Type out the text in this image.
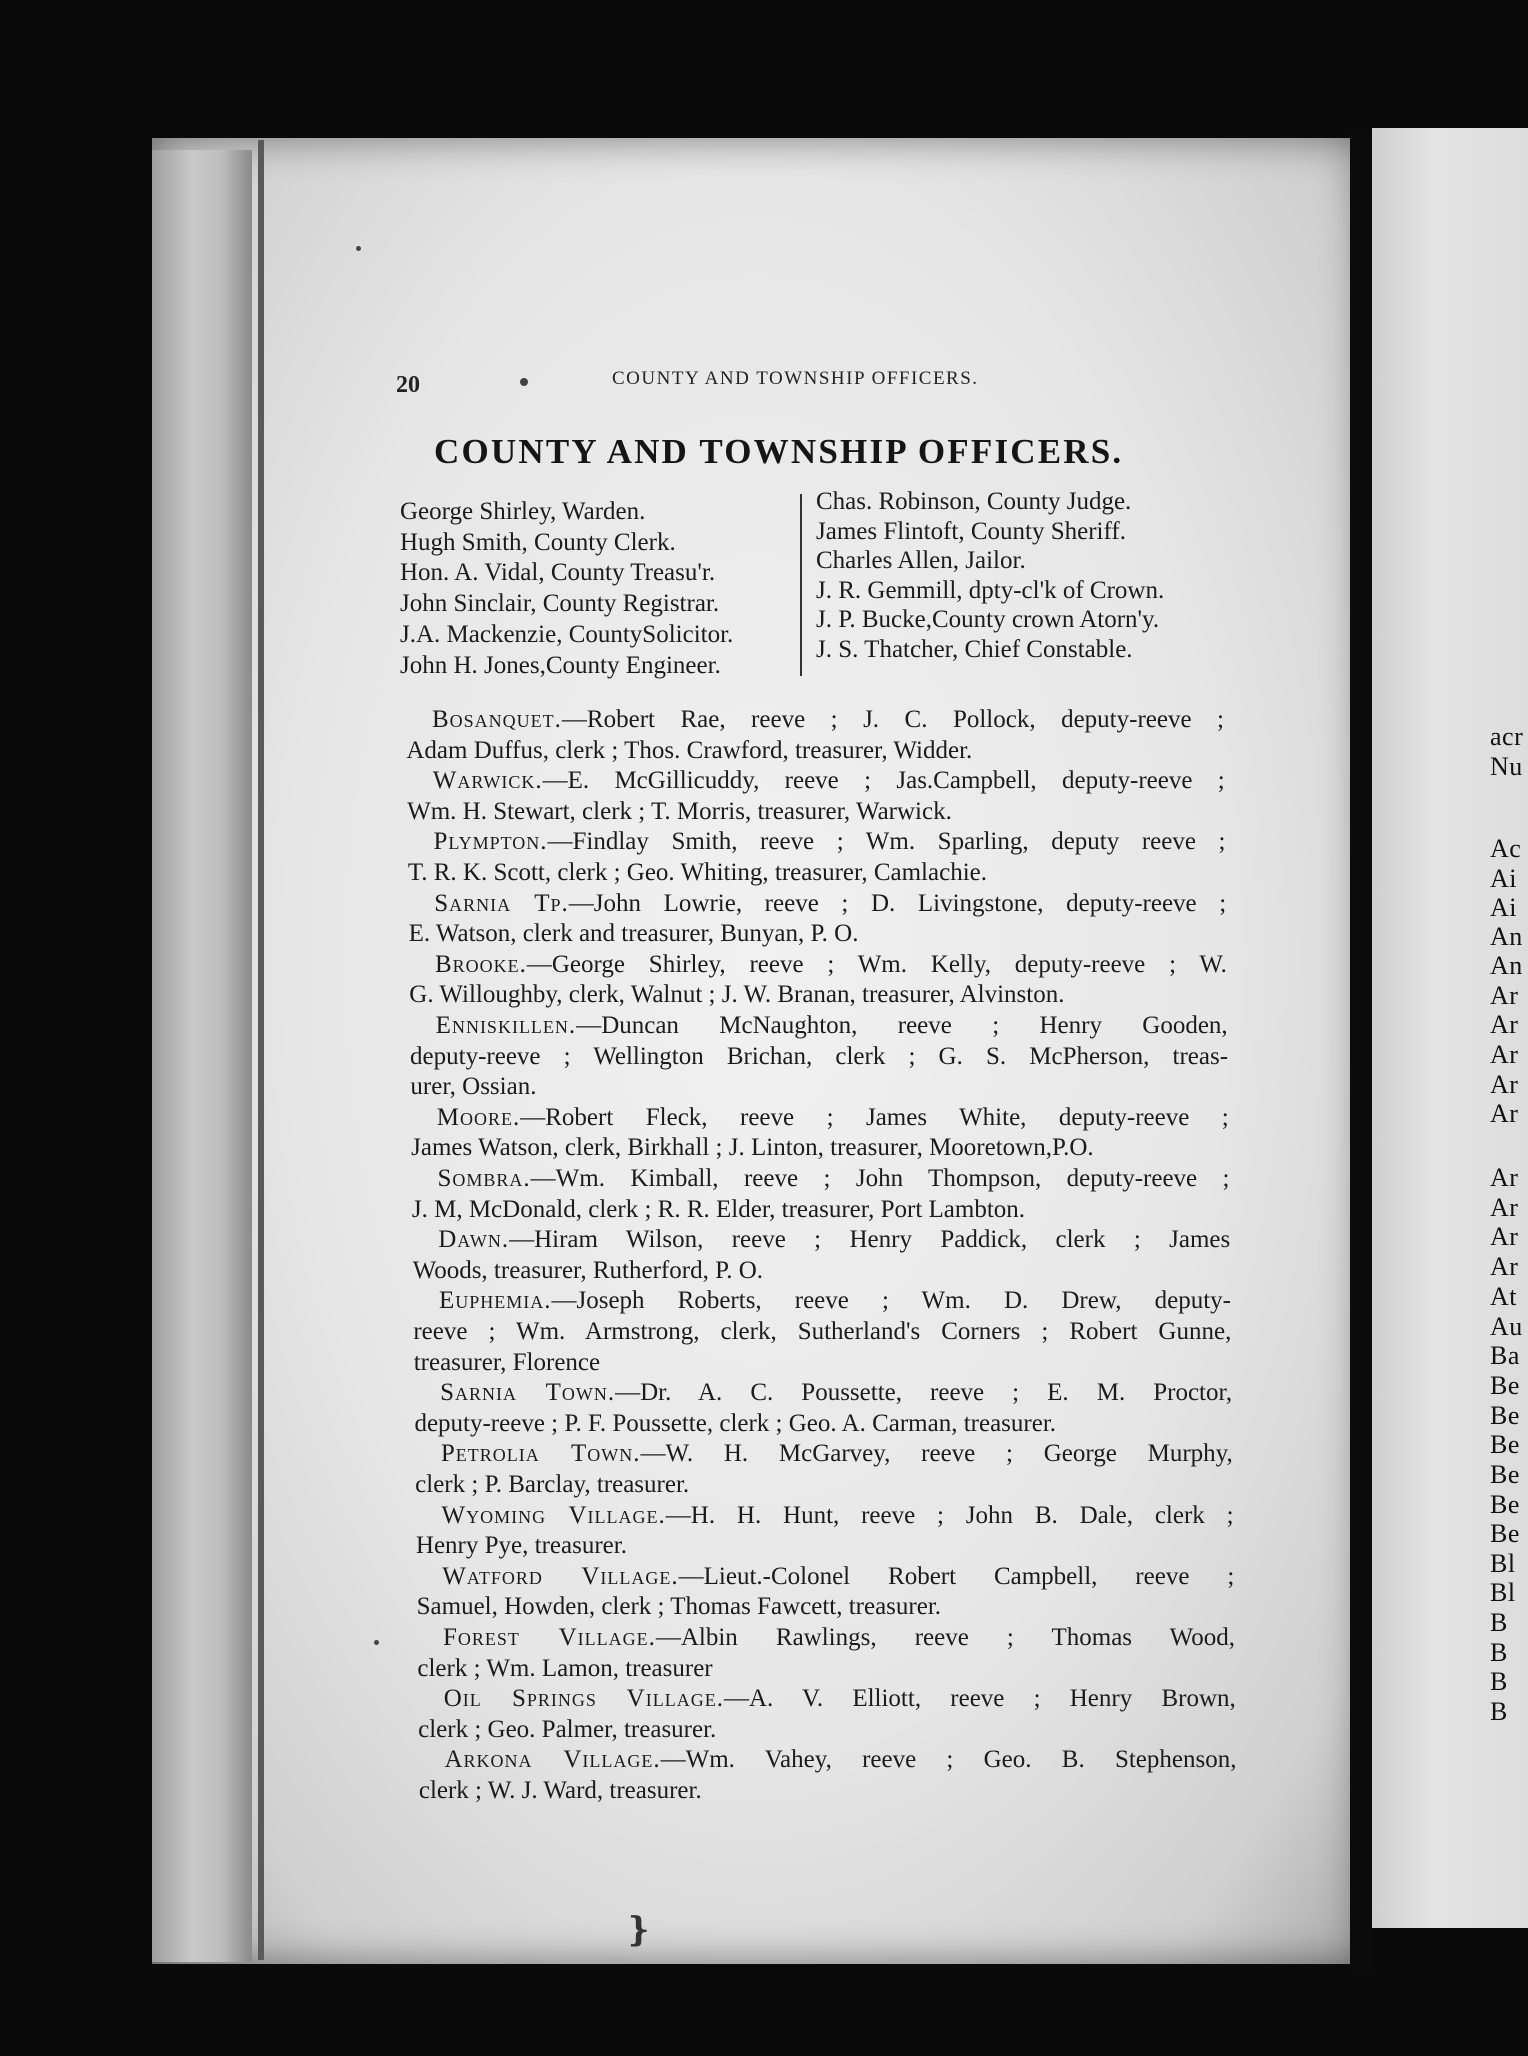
acr
Nu
Ac
Ai
Ai
An
An
Ar
Ar
Ar
Ar
Ar
Ar
Ar
Ar
Ar
At
Au
Ba
Be
Be
Be
Be
Be
Be
Bl
Bl
B
B
B
B
20	COUNTY AND TOWNSHIP OFFICERS.
COUNTY AND TOWNSHIP OFFICERS.
❵
George Shirley, Warden.
Hugh Smith, County Clerk.
Hon. A. Vidal, County Treasu'r.
John Sinclair, County Registrar.
J.A. Mackenzie, CountySolicitor.
John H. Jones,County Engineer.
Chas. Robinson, County Judge.
James Flintoft, County Sheriff.
Charles Allen, Jailor.
J. R. Gemmill, dpty-cl'k of Crown.
J. P. Bucke,County crown Atorn'y.
J. S. Thatcher, Chief Constable.
Bosanquet.—Robert Rae, reeve ; J. C. Pollock, deputy-reeve ;
Adam Duffus, clerk ; Thos. Crawford, treasurer, Widder.
Warwick.—E. McGillicuddy, reeve ; Jas.Campbell, deputy-reeve ;
Wm. H. Stewart, clerk ; T. Morris, treasurer, Warwick.
Plympton.—Findlay Smith, reeve ; Wm. Sparling, deputy reeve ;
T. R. K. Scott, clerk ; Geo. Whiting, treasurer, Camlachie.
Sarnia Tp.—John Lowrie, reeve ; D. Livingstone, deputy-reeve ;
E. Watson, clerk and treasurer, Bunyan, P. O.
Brooke.—George Shirley, reeve ; Wm. Kelly, deputy-reeve ; W.
G. Willoughby, clerk, Walnut ; J. W. Branan, treasurer, Alvinston.
Enniskillen.—Duncan McNaughton, reeve ; Henry Gooden,
deputy-reeve ; Wellington Brichan, clerk ; G. S. McPherson, treas-
urer, Ossian.
Moore.—Robert Fleck, reeve ; James White, deputy-reeve ;
James Watson, clerk, Birkhall ; J. Linton, treasurer, Mooretown,P.O.
Sombra.—Wm. Kimball, reeve ; John Thompson, deputy-reeve ;
J. M, McDonald, clerk ; R. R. Elder, treasurer, Port Lambton.
Dawn.—Hiram Wilson, reeve ; Henry Paddick, clerk ; James
Woods, treasurer, Rutherford, P. O.
Euphemia.—Joseph Roberts, reeve ; Wm. D. Drew, deputy-
reeve ; Wm. Armstrong, clerk, Sutherland's Corners ; Robert Gunne,
treasurer, Florence
Sarnia Town.—Dr. A. C. Poussette, reeve ; E. M. Proctor,
deputy-reeve ; P. F. Poussette, clerk ; Geo. A. Carman, treasurer.
Petrolia Town.—W. H. McGarvey, reeve ; George Murphy,
clerk ; P. Barclay, treasurer.
Wyoming Village.—H. H. Hunt, reeve ; John B. Dale, clerk ;
Henry Pye, treasurer.
Watford Village.—Lieut.-Colonel Robert Campbell, reeve ;
Samuel, Howden, clerk ; Thomas Fawcett, treasurer.
Forest Village.—Albin Rawlings, reeve ; Thomas Wood,
clerk ; Wm. Lamon, treasurer
Oil Springs Village.—A. V. Elliott, reeve ; Henry Brown,
clerk ; Geo. Palmer, treasurer.
Arkona Village.—Wm. Vahey, reeve ; Geo. B. Stephenson,
clerk ; W. J. Ward, treasurer.
